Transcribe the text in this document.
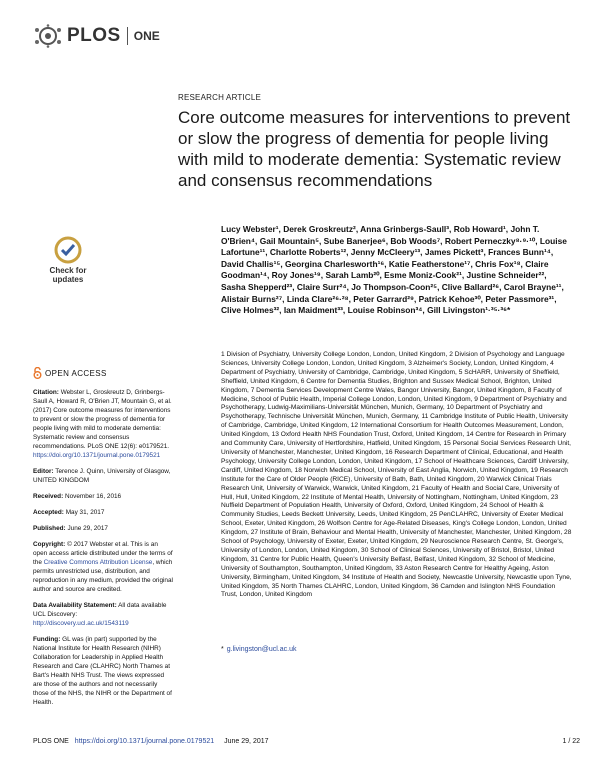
PLOS ONE
RESEARCH ARTICLE
Core outcome measures for interventions to prevent or slow the progress of dementia for people living with mild to moderate dementia: Systematic review and consensus recommendations
Check for
updates
Lucy Webster¹, Derek Groskreutz², Anna Grinbergs-Saull³, Rob Howard¹, John T. O'Brien⁴, Gail Mountain⁵, Sube Banerjee⁶, Bob Woods⁷, Robert Perneczky⁸·⁹·¹⁰, Louise Lafortune¹¹, Charlotte Roberts¹², Jenny McCleery¹³, James Pickett³, Frances Bunn¹⁴, David Challis¹⁵, Georgina Charlesworth¹⁶, Katie Featherstone¹⁷, Chris Fox¹⁸, Claire Goodman¹⁴, Roy Jones¹⁹, Sarah Lamb²⁰, Esme Moniz-Cook²¹, Justine Schneider²², Sasha Shepperd²³, Claire Surr²⁴, Jo Thompson-Coon²⁵, Clive Ballard²⁶, Carol Brayne¹¹, Alistair Burns²⁷, Linda Clare²⁶·²⁸, Peter Garrard²⁹, Patrick Kehoe³⁰, Peter Passmore³¹, Clive Holmes³², Ian Maidment³³, Louise Robinson³⁴, Gill Livingston¹·³⁵·³⁶*
1 Division of Psychiatry, University College London, London, United Kingdom, 2 Division of Psychology and Language Sciences, University College London, London, United Kingdom, 3 Alzheimer's Society, London, United Kingdom, 4 Department of Psychiatry, University of Cambridge, Cambridge, United Kingdom, 5 ScHARR, University of Sheffield, Sheffield, United Kingdom, 6 Centre for Dementia Studies, Brighton and Sussex Medical School, Brighton, United Kingdom, 7 Dementia Services Development Centre Wales, Bangor University, Bangor, United Kingdom, 8 Faculty of Medicine, School of Public Health, Imperial College London, London, United Kingdom, 9 Department of Psychiatry and Psychotherapy, Ludwig-Maximilians-Universität München, Munich, Germany, 10 Department of Psychiatry and Psychotherapy, Technische Universität München, Munich, Germany, 11 Cambridge Institute of Public Health, University of Cambridge, Cambridge, United Kingdom, 12 International Consortium for Health Outcomes Measurement, London, United Kingdom, 13 Oxford Health NHS Foundation Trust, Oxford, United Kingdom, 14 Centre for Research in Primary and Community Care, University of Hertfordshire, Hatfield, United Kingdom, 15 Personal Social Services Research Unit, University of Manchester, Manchester, United Kingdom, 16 Research Department of Clinical, Educational, and Health Psychology, University College London, London, United Kingdom, 17 School of Healthcare Sciences, Cardiff University, Cardiff, United Kingdom, 18 Norwich Medical School, University of East Anglia, Norwich, United Kingdom, 19 Research Institute for the Care of Older People (RICE), University of Bath, Bath, United Kingdom, 20 Warwick Clinical Trials Research Unit, University of Warwick, Warwick, United Kingdom, 21 Faculty of Health and Social Care, University of Hull, Hull, United Kingdom, 22 Institute of Mental Health, University of Nottingham, Nottingham, United Kingdom, 23 Nuffield Department of Population Health, University of Oxford, Oxford, United Kingdom, 24 School of Health & Community Studies, Leeds Beckett University, Leeds, United Kingdom, 25 PenCLAHRC, University of Exeter Medical School, Exeter, United Kingdom, 26 Wolfson Centre for Age-Related Diseases, King's College London, London, United Kingdom, 27 Institute of Brain, Behaviour and Mental Health, University of Manchester, Manchester, United Kingdom, 28 School of Psychology, University of Exeter, Exeter, United Kingdom, 29 Neuroscience Research Centre, St. George's, University of London, London, United Kingdom, 30 School of Clinical Sciences, University of Bristol, Bristol, United Kingdom, 31 Centre for Public Health, Queen's University Belfast, Belfast, United Kingdom, 32 School of Medicine, University of Southampton, Southampton, United Kingdom, 33 Aston Research Centre for Healthy Ageing, Aston University, Birmingham, United Kingdom, 34 Institute of Health and Society, Newcastle University, Newcastle upon Tyne, United Kingdom, 35 North Thames CLAHRC, London, United Kingdom, 36 Camden and Islington NHS Foundation Trust, London, United Kingdom
* g.livingston@ucl.ac.uk
OPEN ACCESS
Citation: Webster L, Groskreutz D, Grinbergs-Saull A, Howard R, O'Brien JT, Mountain G, et al. (2017) Core outcome measures for interventions to prevent or slow the progress of dementia for people living with mild to moderate dementia: Systematic review and consensus recommendations. PLoS ONE 12(6): e0179521. https://doi.org/10.1371/journal.pone.0179521
Editor: Terence J. Quinn, University of Glasgow, UNITED KINGDOM
Received: November 16, 2016
Accepted: May 31, 2017
Published: June 29, 2017
Copyright: © 2017 Webster et al. This is an open access article distributed under the terms of the Creative Commons Attribution License, which permits unrestricted use, distribution, and reproduction in any medium, provided the original author and source are credited.
Data Availability Statement: All data available UCL Discovery: http://discovery.ucl.ac.uk/1543119
Funding: GL was (in part) supported by the National Institute for Health Research (NIHR) Collaboration for Leadership in Applied Health Research and Care (CLAHRC) North Thames at Bart's Health NHS Trust. The views expressed are those of the authors and not necessarily those of the NHS, the NIHR or the Department of Health.
PLOS ONE https://doi.org/10.1371/journal.pone.0179521 June 29, 2017	1 / 22
